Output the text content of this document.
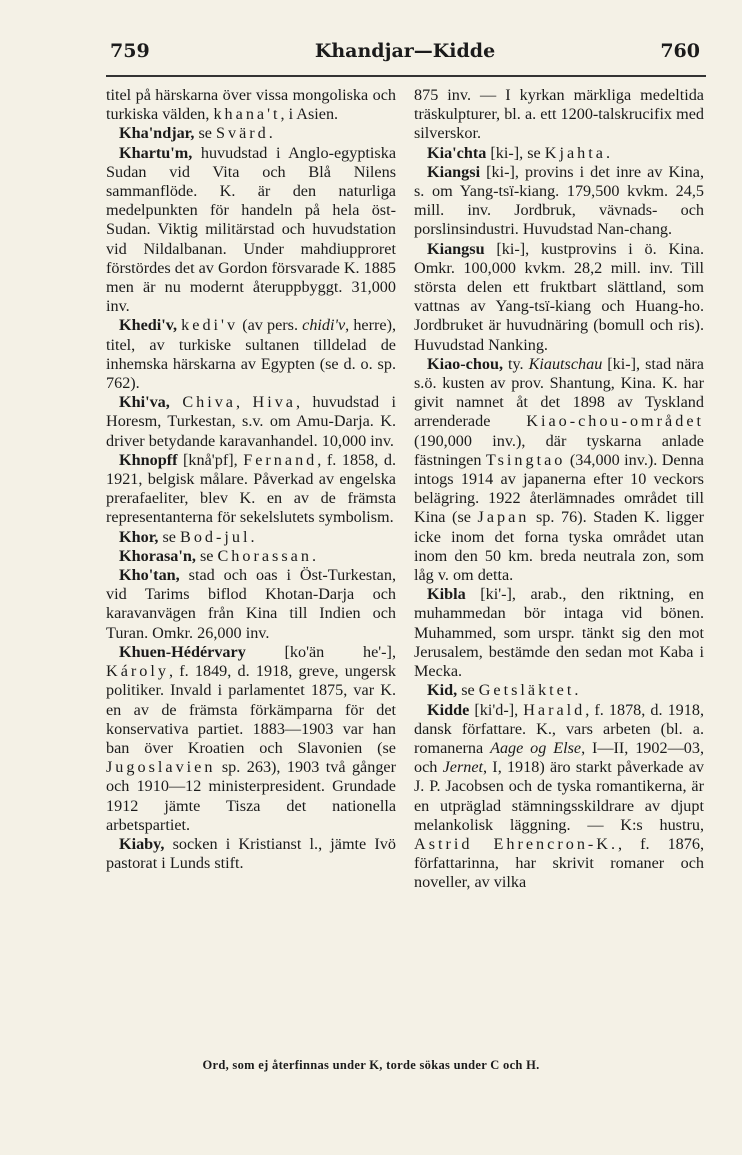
759	Khandjar—Kidde	760

titel på härskarna över vissa mongoliska och turkiska välden, khana't, i Asien.

Kha'ndjar, se Svärd.

Khartu'm, huvudstad i Anglo-egyptiska Sudan vid Vita och Blå Nilens sammanflöde. K. är den naturliga medelpunkten för handeln på hela öst-Sudan. Viktig militärstad och huvudstation vid Nildalbanan. Under mahdiupproret förstördes det av Gordon försvarade K. 1885 men är nu modernt återuppbyggt. 31,000 inv.

Khedi'v, kedi'v (av pers. chidi'v, herre), titel, av turkiske sultanen tilldelad de inhemska härskarna av Egypten (se d. o. sp. 762).

Khi'va, Chiva, Hiva, huvudstad i Horesm, Turkestan, s.v. om Amu-Darja. K. driver betydande karavanhandel. 10,000 inv.

Khnopff [knå'pf], Fernand, f. 1858, d. 1921, belgisk målare. Påverkad av engelska prerafaeliter, blev K. en av de främsta representanterna för sekelslutets symbolism.

Khor, se Bod-jul.

Khorasa'n, se Chorassan.

Kho'tan, stad och oas i Öst-Turkestan, vid Tarims biflod Khotan-Darja och karavanvägen från Kina till Indien och Turan. Omkr. 26,000 inv.

Khuen-Hédérvary [ko'än he'-], Károly, f. 1849, d. 1918, greve, ungersk politiker. Invald i parlamentet 1875, var K. en av de främsta förkämparna för det konservativa partiet. 1883—1903 var han ban över Kroatien och Slavonien (se Jugoslavien sp. 263), 1903 två gånger och 1910—12 ministerpresident. Grundade 1912 jämte Tisza det nationella arbetspartiet.

Kiaby, socken i Kristianst l., jämte Ivö pastorat i Lunds stift.

875 inv. — I kyrkan märkliga medeltida träskulpturer, bl. a. ett 1200-talskrucifix med silverskor.

Kia'chta [ki-], se Kjahta.

Kiangsi [ki-], provins i det inre av Kina, s. om Yang-tsï-kiang. 179,500 kvkm. 24,5 mill. inv. Jordbruk, vävnads- och porslinsindustri. Huvudstad Nan-chang.

Kiangsu [ki-], kustprovins i ö. Kina. Omkr. 100,000 kvkm. 28,2 mill. inv. Till största delen ett fruktbart slättland, som vattnas av Yang-tsï-kiang och Huang-ho. Jordbruket är huvudnäring (bomull och ris). Huvudstad Nanking.

Kiao-chou, ty. Kiautschau [ki-], stad nära s.ö. kusten av prov. Shantung, Kina. K. har givit namnet åt det 1898 av Tyskland arrenderade Kiao-chou-området (190,000 inv.), där tyskarna anlade fästningen Tsingtao (34,000 inv.). Denna intogs 1914 av japanerna efter 10 veckors belägring. 1922 återlämnades området till Kina (se Japan sp. 76). Staden K. ligger icke inom det forna tyska området utan inom den 50 km. breda neutrala zon, som låg v. om detta.

Kibla [ki'-], arab., den riktning, en muhammedan bör intaga vid bönen. Muhammed, som urspr. tänkt sig den mot Jerusalem, bestämde den sedan mot Kaba i Mecka.

Kid, se Getsläktet.

Kidde [ki'd-], Harald, f. 1878, d. 1918, dansk författare. K., vars arbeten (bl. a. romanerna Aage og Else, I—II, 1902—03, och Jernet, I, 1918) äro starkt påverkade av J. P. Jacobsen och de tyska romantikerna, är en utpräglad stämningsskildrare av djupt melankolisk läggning. — K:s hustru, Astrid Ehrencron-K., f. 1876, författarinna, har skrivit romaner och noveller, av vilka

Ord, som ej återfinnas under K, torde sökas under C och H.
